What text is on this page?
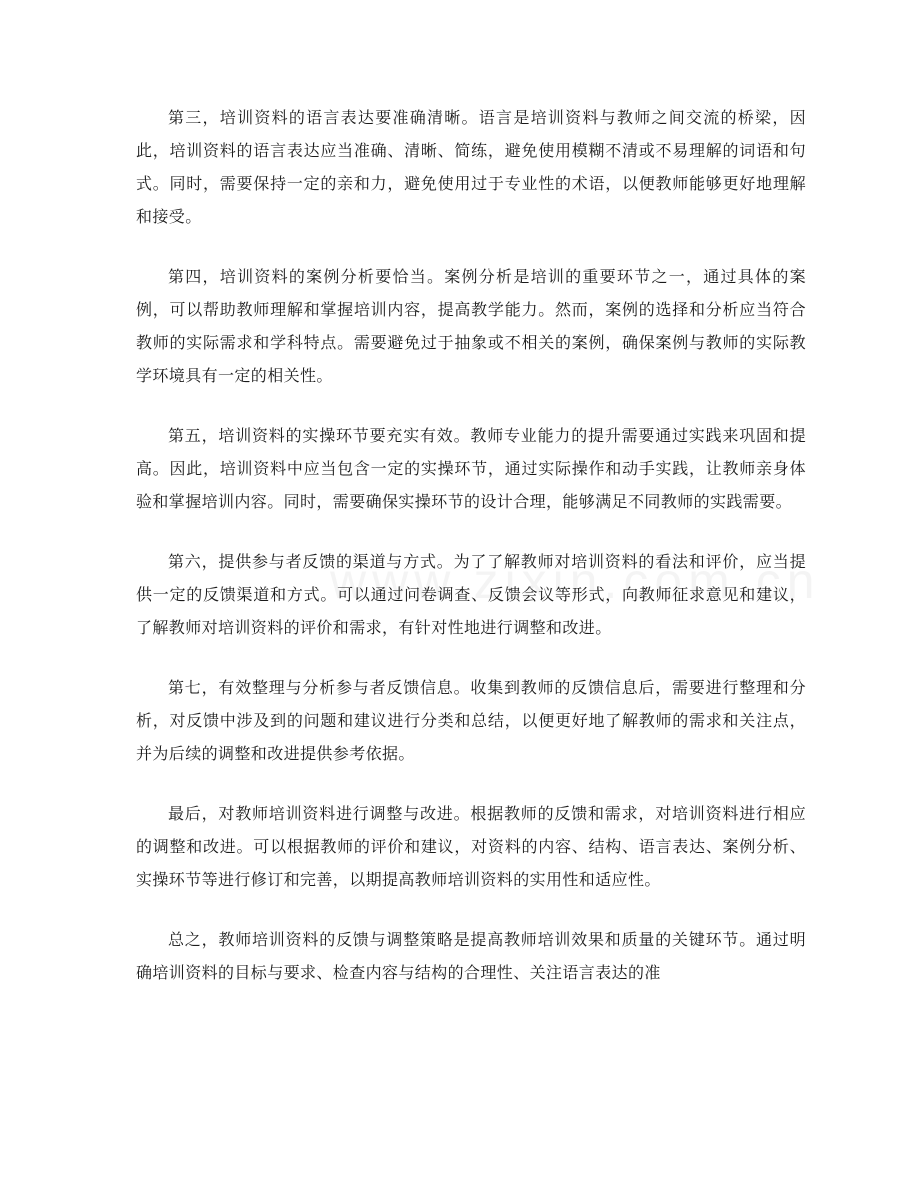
第三，培训资料的语言表达要准确清晰。语言是培训资料与教师之间交流的桥梁，因此，培训资料的语言表达应当准确、清晰、简练，避免使用模糊不清或不易理解的词语和句式。同时，需要保持一定的亲和力，避免使用过于专业性的术语，以便教师能够更好地理解和接受。

第四，培训资料的案例分析要恰当。案例分析是培训的重要环节之一，通过具体的案例，可以帮助教师理解和掌握培训内容，提高教学能力。然而，案例的选择和分析应当符合教师的实际需求和学科特点。需要避免过于抽象或不相关的案例，确保案例与教师的实际教学环境具有一定的相关性。

第五，培训资料的实操环节要充实有效。教师专业能力的提升需要通过实践来巩固和提高。因此，培训资料中应当包含一定的实操环节，通过实际操作和动手实践，让教师亲身体验和掌握培训内容。同时，需要确保实操环节的设计合理，能够满足不同教师的实践需要。

第六，提供参与者反馈的渠道与方式。为了了解教师对培训资料的看法和评价，应当提供一定的反馈渠道和方式。可以通过问卷调查、反馈会议等形式，向教师征求意见和建议，了解教师对培训资料的评价和需求，有针对性地进行调整和改进。

第七，有效整理与分析参与者反馈信息。收集到教师的反馈信息后，需要进行整理和分析，对反馈中涉及到的问题和建议进行分类和总结，以便更好地了解教师的需求和关注点，并为后续的调整和改进提供参考依据。

最后，对教师培训资料进行调整与改进。根据教师的反馈和需求，对培训资料进行相应的调整和改进。可以根据教师的评价和建议，对资料的内容、结构、语言表达、案例分析、实操环节等进行修订和完善，以期提高教师培训资料的实用性和适应性。

总之，教师培训资料的反馈与调整策略是提高教师培训效果和质量的关键环节。通过明确培训资料的目标与要求、检查内容与结构的合理性、关注语言表达的准
